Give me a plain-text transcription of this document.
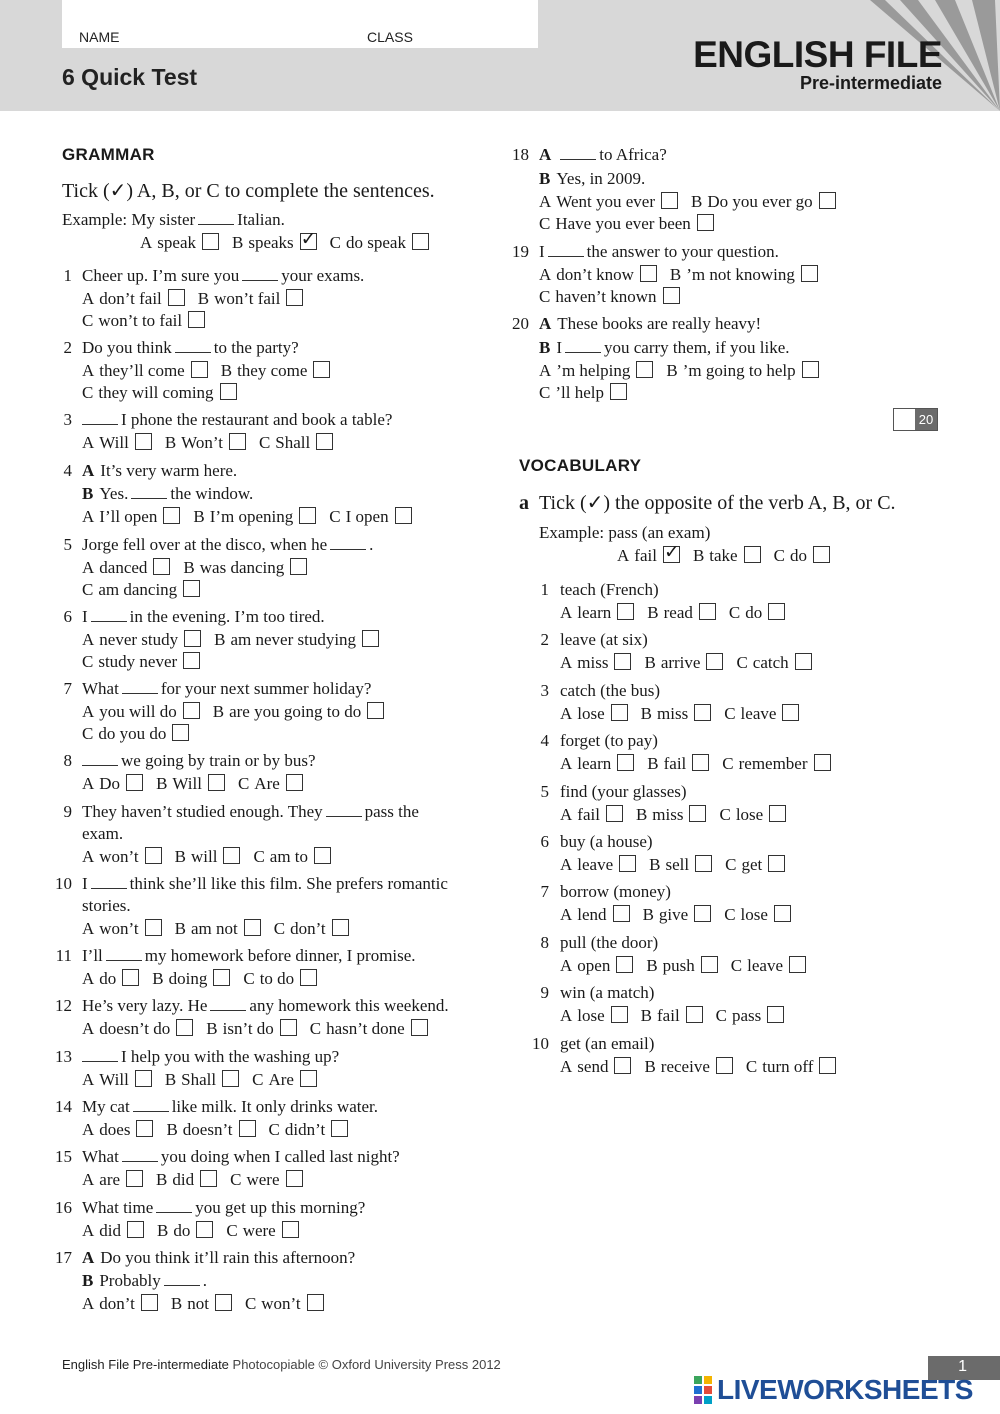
NAME	CLASS
6 Quick Test
ENGLISH FILE
Pre-intermediate
GRAMMAR
Tick (✓) A, B, or C to complete the sentences.
Example: My sister Italian.
A speak B speaks ✓ C do speak
1 Cheer up. I’m sure you your exams.
A don’t fail B won’t fail
C won’t to fail
2 Do you think to the party?
A they’ll come B they come
C they will coming
3	I phone the restaurant and book a table?
A Will B Won’t C Shall
4 A It’s very warm here.
B Yes. the window.
A I’ll open B I’m opening C I open
5 Jorge fell over at the disco, when he .
A danced B was dancing
C am dancing
6 I in the evening. I’m too tired.
A never study B am never studying
C study never
7 What for your next summer holiday?
A you will do B are you going to do
C do you do
8	we going by train or by bus?
A Do B Will C Are
9 They haven’t studied enough. They pass the
exam.
A won’t B will C am to
10 I think she’ll like this film. She prefers romantic
stories.
A won’t B am not C don’t
11 I’ll my homework before dinner, I promise.
A do B doing C to do
12 He’s very lazy. He any homework this weekend.
A doesn’t do B isn’t do C hasn’t done
13	I help you with the washing up?
A Will B Shall C Are
14 My cat like milk. It only drinks water.
A does B doesn’t C didn’t
15 What you doing when I called last night?
A are B did C were
16 What time you get up this morning?
A did B do C were
17 A Do you think it’ll rain this afternoon?
B Probably .
A don’t B not C won’t
18 A	to Africa?
B Yes, in 2009.
A Went you ever B Do you ever go
C Have you ever been
19 I the answer to your question.
A don’t know B ’m not knowing
C haven’t known
20 A These books are really heavy!
B I you carry them, if you like.
A ’m helping B ’m going to help
C ’ll help
20
VOCABULARY
a Tick (✓) the opposite of the verb A, B, or C.
Example: pass (an exam)
A fail ✓ B take C do
1 teach (French)
A learn B read C do
2 leave (at six)
A miss B arrive C catch
3 catch (the bus)
A lose B miss C leave
4 forget (to pay)
A learn B fail C remember
5 find (your glasses)
A fail B miss C lose
6 buy (a house)
A leave B sell C get
7 borrow (money)
A lend B give C lose
8 pull (the door)
A open B push C leave
9 win (a match)
A lose B fail C pass
10 get (an email)
A send B receive C turn off
English File Pre-intermediate Photocopiable © Oxford University Press 2012	1
LIVEWORKSHEETS
